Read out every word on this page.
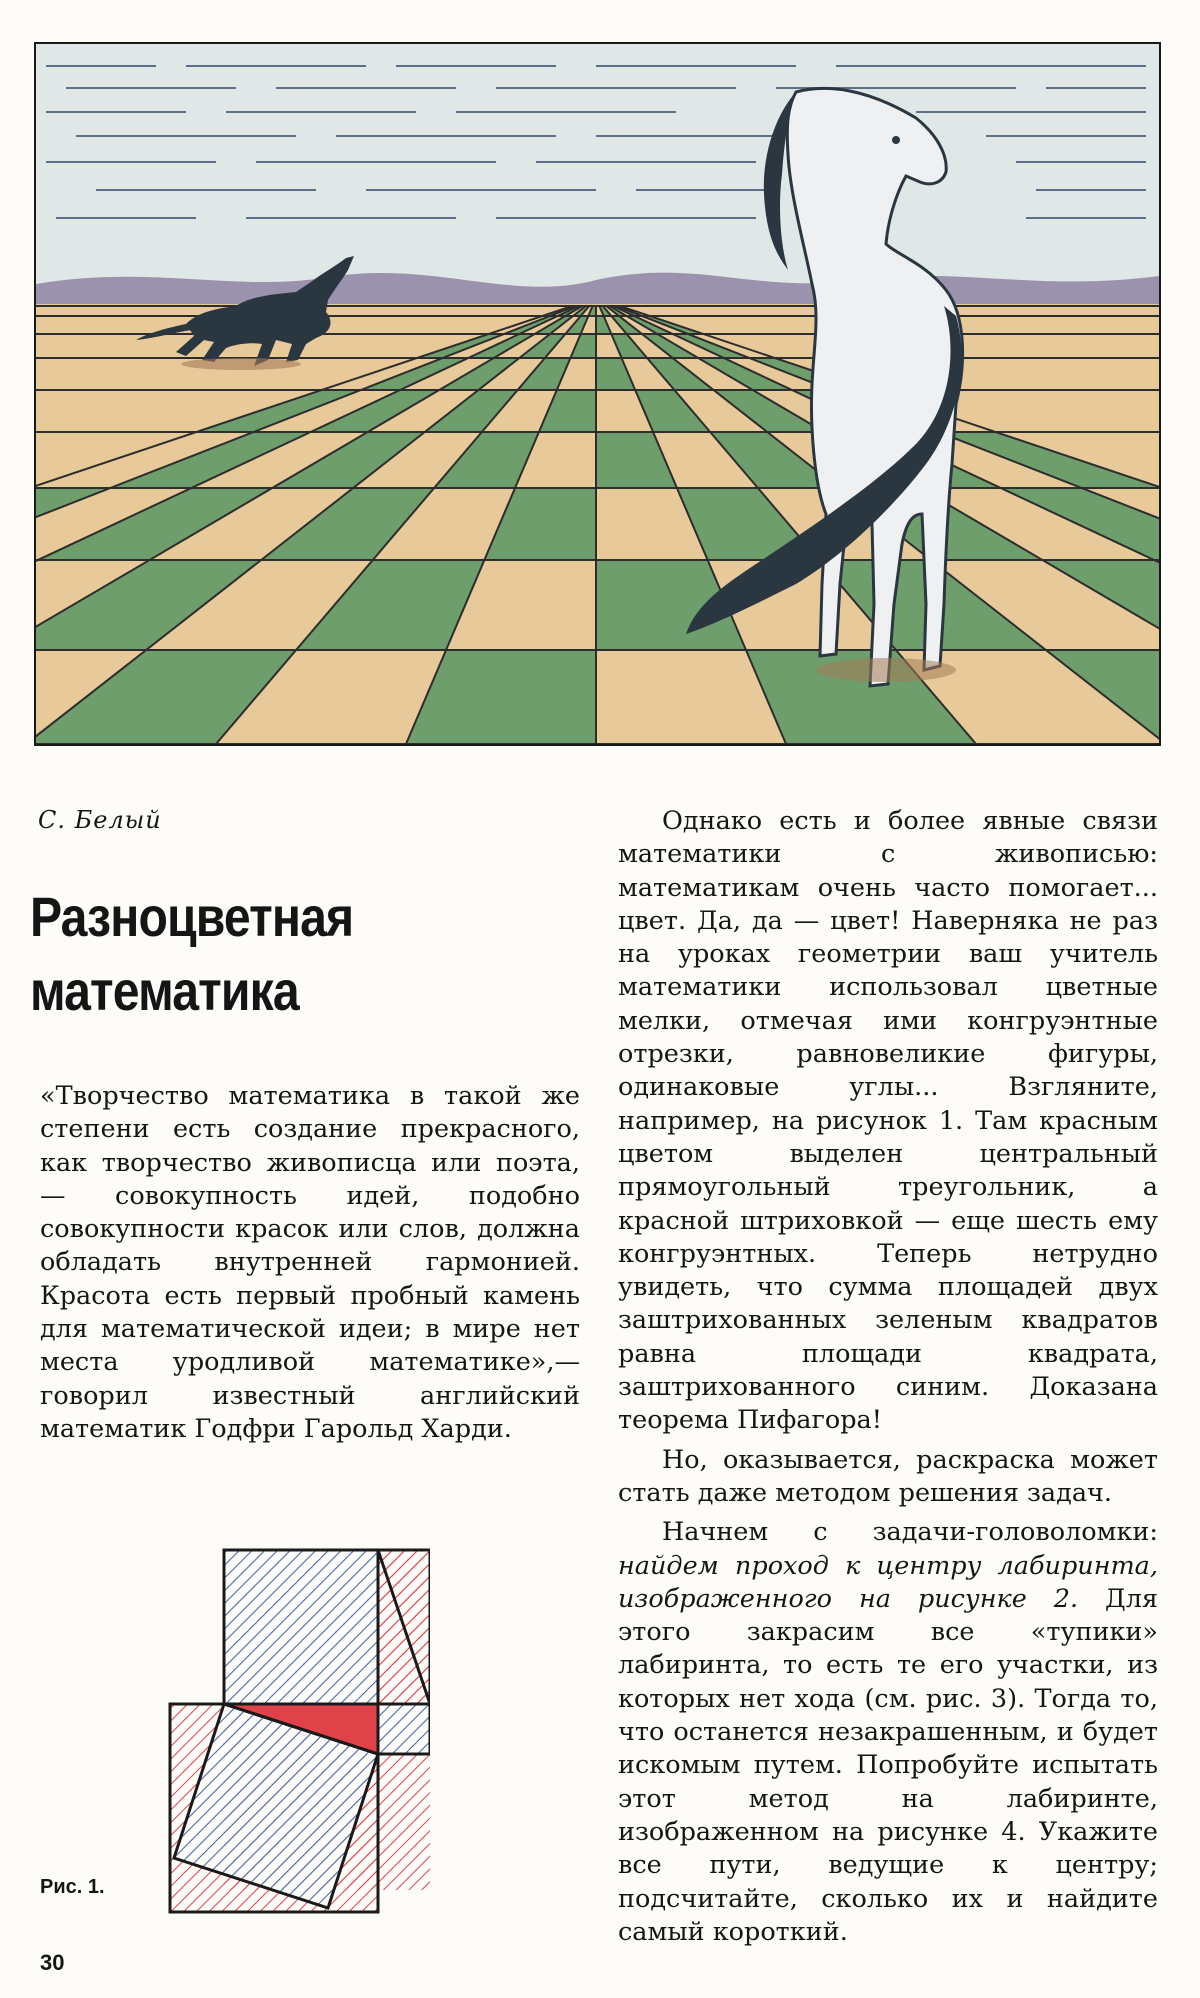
С. Белый
Разноцветная
математика

«Творчество математика в такой же степени есть создание прекрасного, как творчество живописца или поэта, — совокупность идей, подобно совокупности красок или слов, должна обладать внутренней гармонией. Красота есть первый пробный камень для математической идеи; в мире нет места уродливой математике»,— говорил известный английский математик Годфри Гарольд Харди.

Однако есть и более явные связи математики с живописью: математикам очень часто помогает... цвет. Да, да — цвет! Наверняка не раз на уроках геометрии ваш учитель математики использовал цветные мелки, отмечая ими конгруэнтные отрезки, равновеликие фигуры, одинаковые углы... Взгляните, например, на рисунок 1. Там красным цветом выделен центральный прямоугольный треугольник, а красной штриховкой — еще шесть ему конгруэнтных. Теперь нетрудно увидеть, что сумма площадей двух заштрихованных зеленым квадратов равна площади квадрата, заштрихованного синим. Доказана теорема Пифагора!

Но, оказывается, раскраска может стать даже методом решения задач.

Начнем с задачи-головоломки: найдем проход к центру лабиринта, изображенного на рисунке 2. Для этого закрасим все «тупики» лабиринта, то есть те его участки, из которых нет хода (см. рис. 3). Тогда то, что останется незакрашенным, и будет искомым путем. Попробуйте испытать этот метод на лабиринте, изображенном на рисунке 4. Укажите все пути, ведущие к центру; подсчитайте, сколько их и найдите самый короткий.

Рис. 1.
30
